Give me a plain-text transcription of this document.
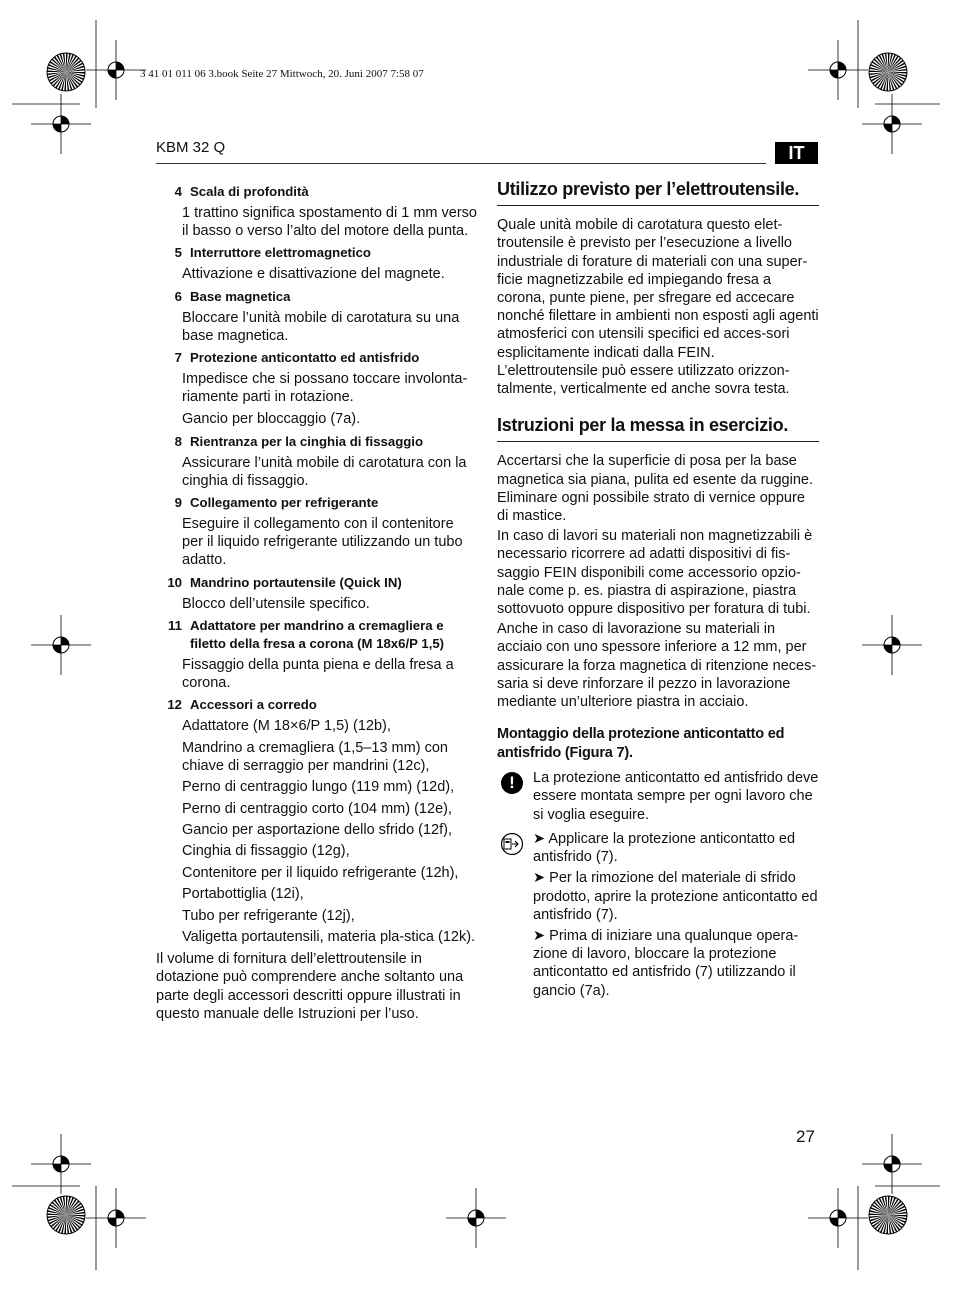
3 41 01 011 06 3.book Seite 27 Mittwoch, 20. Juni 2007 7:58 07
KBM 32 Q	IT
4 Scala di profondità

1 trattino significa spostamento di 1 mm verso il basso o verso l’alto del motore della punta.

5 Interruttore elettromagnetico

Attivazione e disattivazione del magnete.

6 Base magnetica

Bloccare l’unità mobile di carotatura su una base magnetica.

7 Protezione anticontatto ed antisfrido

Impedisce che si possano toccare involonta-riamente parti in rotazione.

Gancio per bloccaggio (7a).

8 Rientranza per la cinghia di fissaggio

Assicurare l’unità mobile di carotatura con la cinghia di fissaggio.

9 Collegamento per refrigerante

Eseguire il collegamento con il contenitore per il liquido refrigerante utilizzando un tubo adatto.

10 Mandrino portautensile (Quick IN)

Blocco dell’utensile specifico.

11 Adattatore per mandrino a cremagliera e filetto della fresa a corona (M 18x6/P 1,5)

Fissaggio della punta piena e della fresa a corona.

12 Accessori a corredo

Adattatore (M 18×6/P 1,5) (12b),

Mandrino a cremagliera (1,5–13 mm) con chiave di serraggio per mandrini (12c),

Perno di centraggio lungo (119 mm) (12d),

Perno di centraggio corto (104 mm) (12e),

Gancio per asportazione dello sfrido (12f),

Cinghia di fissaggio (12g),

Contenitore per il liquido refrigerante (12h),

Portabottiglia (12i),

Tubo per refrigerante (12j),

Valigetta portautensili, materia pla-stica (12k).

Il volume di fornitura dell’elettroutensile in dotazione può comprendere anche soltanto una parte degli accessori descritti oppure illustrati in questo manuale delle Istruzioni per l’uso.

Utilizzo previsto per l’elettroutensile.

Quale unità mobile di carotatura questo elet-troutensile è previsto per l’esecuzione a livello industriale di forature di materiali con una super-ficie magnetizzabile ed impiegando fresa a corona, punte piene, per sfregare ed accecare nonché filettare in ambienti non esposti agli agenti atmosferici con utensili specifici ed acces-sori esplicitamente indicati dalla FEIN. L’elettroutensile può essere utilizzato orizzon-talmente, verticalmente ed anche sovra testa.

Istruzioni per la messa in esercizio.

Accertarsi che la superficie di posa per la base magnetica sia piana, pulita ed esente da ruggine. Eliminare ogni possibile strato di vernice oppure di mastice.

In caso di lavori su materiali non magnetizzabili è necessario ricorrere ad adatti dispositivi di fis-saggio FEIN disponibili come accessorio opzio-nale come p. es. piastra di aspirazione, piastra sottovuoto oppure dispositivo per foratura di tubi.

Anche in caso di lavorazione su materiali in acciaio con uno spessore inferiore a 12 mm, per assicurare la forza magnetica di ritenzione neces-saria si deve rinforzare il pezzo in lavorazione mediante un’ulteriore piastra in acciaio.

Montaggio della protezione anticontatto ed antisfrido (Figura 7).
!	La protezione anticontatto ed antisfrido deve essere montata sempre per ogni lavoro che si voglia eseguire.

➤ Applicare la protezione anticontatto ed antisfrido (7).

➤ Per la rimozione del materiale di sfrido prodotto, aprire la protezione anticontatto ed antisfrido (7).

➤ Prima di iniziare una qualunque opera-zione di lavoro, bloccare la protezione anticontatto ed antisfrido (7) utilizzando il gancio (7a).

27
